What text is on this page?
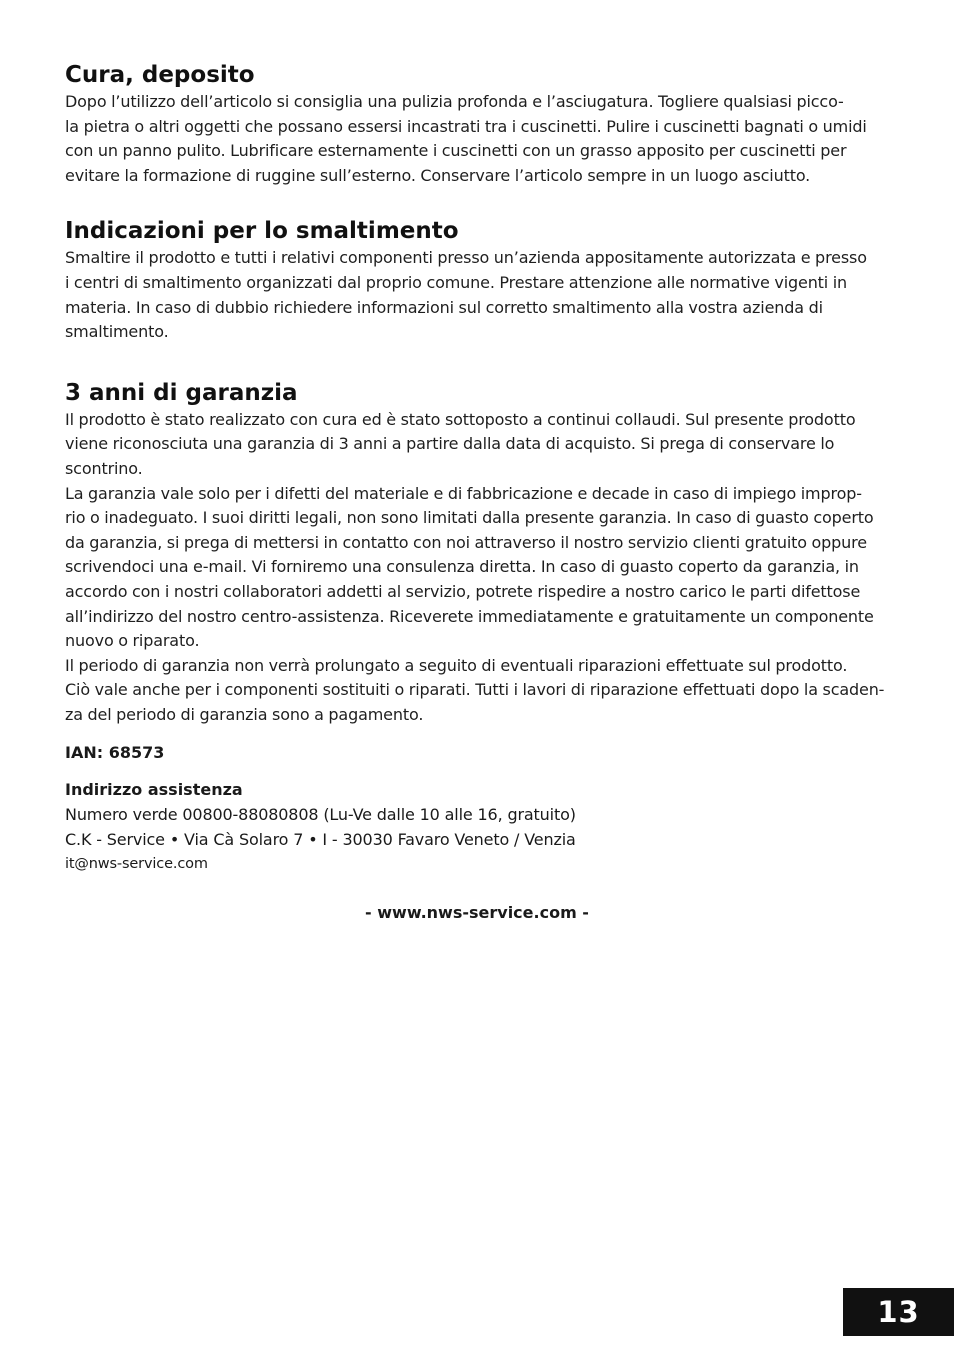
Cura, deposito

Dopo l’utilizzo dell’articolo si consiglia una pulizia profonda e l’asciugatura. Togliere qualsiasi picco-
la pietra o altri oggetti che possano essersi incastrati tra i cuscinetti. Pulire i cuscinetti bagnati o umidi
con un panno pulito. Lubrificare esternamente i cuscinetti con un grasso apposito per cuscinetti per
evitare la formazione di ruggine sull’esterno. Conservare l’articolo sempre in un luogo asciutto.

Indicazioni per lo smaltimento

Smaltire il prodotto e tutti i relativi componenti presso un’azienda appositamente autorizzata e presso
i centri di smaltimento organizzati dal proprio comune. Prestare attenzione alle normative vigenti in
materia. In caso di dubbio richiedere informazioni sul corretto smaltimento alla vostra azienda di
smaltimento.

3 anni di garanzia

Il prodotto è stato realizzato con cura ed è stato sottoposto a continui collaudi. Sul presente prodotto
viene riconosciuta una garanzia di 3 anni a partire dalla data di acquisto. Si prega di conservare lo
scontrino.
La garanzia vale solo per i difetti del materiale e di fabbricazione e decade in caso di impiego improp-
rio o inadeguato. I suoi diritti legali, non sono limitati dalla presente garanzia. In caso di guasto coperto
da garanzia, si prega di mettersi in contatto con noi attraverso il nostro servizio clienti gratuito oppure
scrivendoci una e-mail. Vi forniremo una consulenza diretta. In caso di guasto coperto da garanzia, in
accordo con i nostri collaboratori addetti al servizio, potrete rispedire a nostro carico le parti difettose
all’indirizzo del nostro centro-assistenza. Riceverete immediatamente e gratuitamente un componente
nuovo o riparato.
Il periodo di garanzia non verrà prolungato a seguito di eventuali riparazioni effettuate sul prodotto.
Ciò vale anche per i componenti sostituiti o riparati. Tutti i lavori di riparazione effettuati dopo la scaden-
za del periodo di garanzia sono a pagamento.

IAN: 68573

Indirizzo assistenza

Numero verde 00800-88080808 (Lu-Ve dalle 10 alle 16, gratuito)
C.K - Service • Via Cà Solaro 7 • I - 30030 Favaro Veneto / Venzia
it@nws-service.com
- www.nws-service.com -
13
